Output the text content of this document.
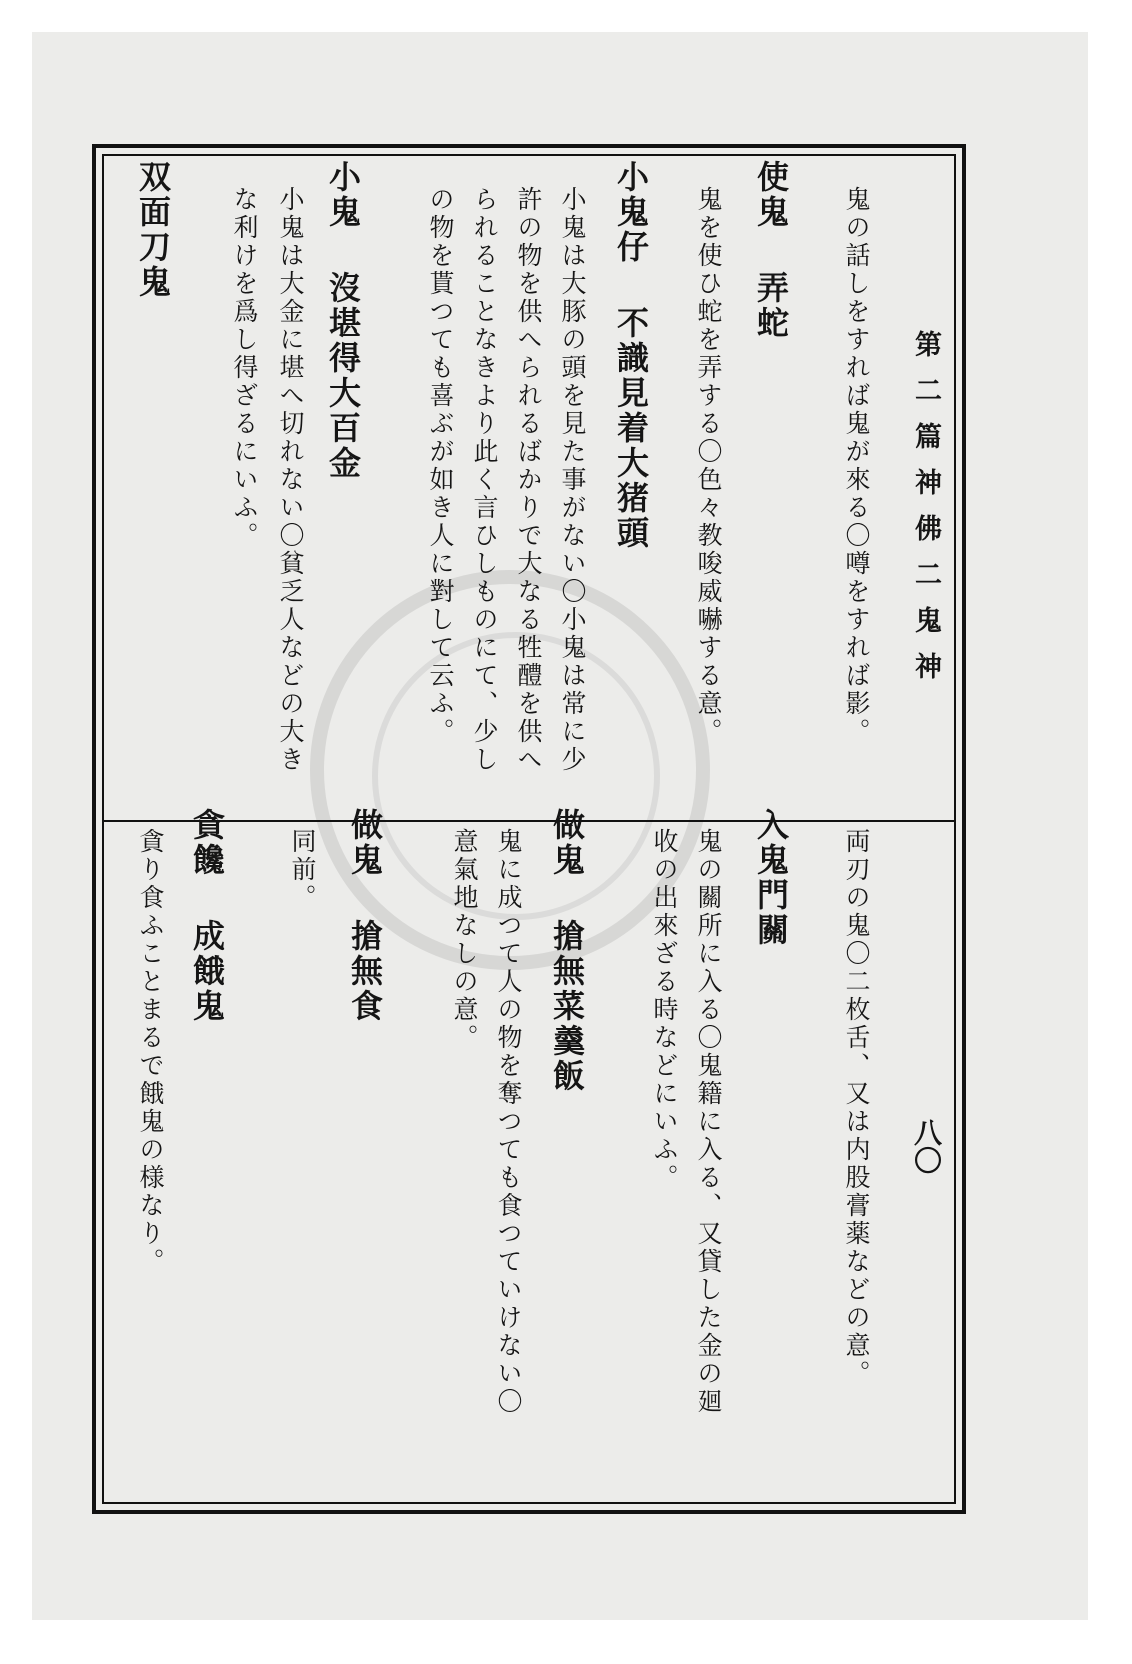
第二篇神佛二鬼神
八〇
鬼の話しをすれば鬼が來る〇噂をすれば影。
使鬼 弄蛇
鬼を使ひ蛇を弄する〇色々教唆威嚇する意。
小鬼仔 不識見着大猪頭
小鬼は大豚の頭を見た事がない〇小鬼は常に少
許の物を供へられるばかりで大なる牲醴を供へ
られることなきより此く言ひしものにて、少し
の物を貰つても喜ぶが如き人に對して云ふ。
小鬼 沒堪得大百金
小鬼は大金に堪へ切れない〇貧乏人などの大き
な利けを爲し得ざるにいふ。
双面刀鬼
両刃の鬼〇二枚舌、又は内股膏薬などの意。
入鬼門關
鬼の關所に入る〇鬼籍に入る、又貸した金の廻
收の出來ざる時などにいふ。
做鬼 搶無菜羹飯
鬼に成つて人の物を奪つても食つていけない〇
意氣地なしの意。
做鬼 搶無食
同前。
貪饞 成餓鬼
貪り食ふことまるで餓鬼の様なり。
